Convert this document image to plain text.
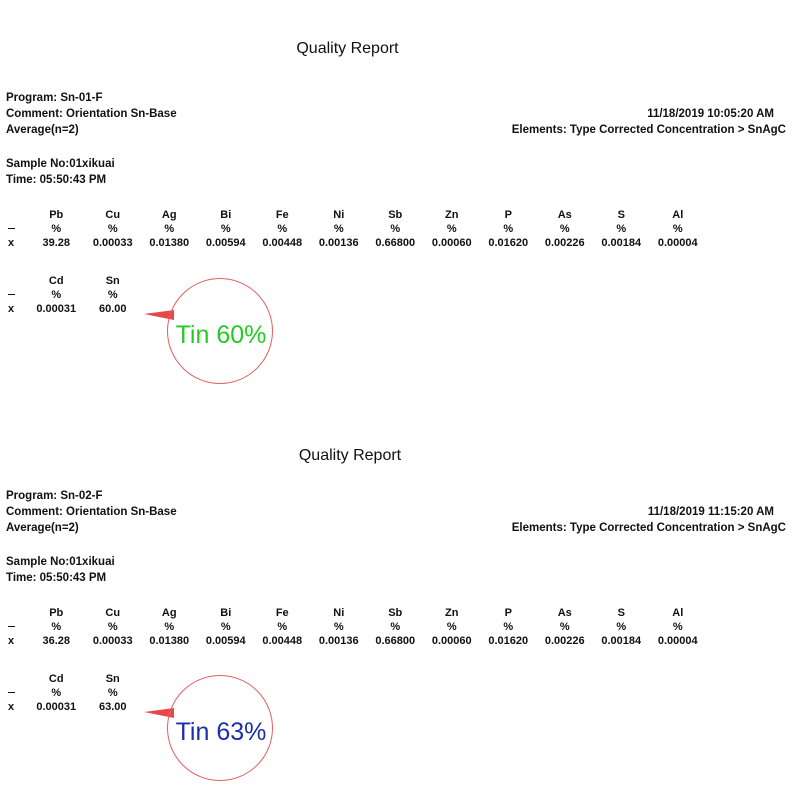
Quality Report
Program: Sn-01-F
Comment: Orientation Sn-Base
Average(n=2)
11/18/2019 10:05:20 AM
Elements: Type Corrected Concentration > SnAgC
Sample No:01xikuai
Time: 05:50:43 PM
	Pb	Cu	Ag	Bi	Fe	Ni	Sb	Zn	P	As	S	Al
	%	%	%	%	%	%	%	%	%	%	%	%
x	39.28	0.00033	0.01380	0.00594	0.00448	0.00136	0.66800	0.00060	0.01620	0.00226	0.00184	0.00004
	Cd	Sn
	%	%
x	0.00031	60.00
Tin 60%
Quality Report
Program: Sn-02-F
Comment: Orientation Sn-Base
Average(n=2)
11/18/2019 11:15:20 AM
Elements: Type Corrected Concentration > SnAgC
Sample No:01xikuai
Time: 05:50:43 PM
	Pb	Cu	Ag	Bi	Fe	Ni	Sb	Zn	P	As	S	Al
	%	%	%	%	%	%	%	%	%	%	%	%
x	36.28	0.00033	0.01380	0.00594	0.00448	0.00136	0.66800	0.00060	0.01620	0.00226	0.00184	0.00004
	Cd	Sn
	%	%
x	0.00031	63.00
Tin 63%
